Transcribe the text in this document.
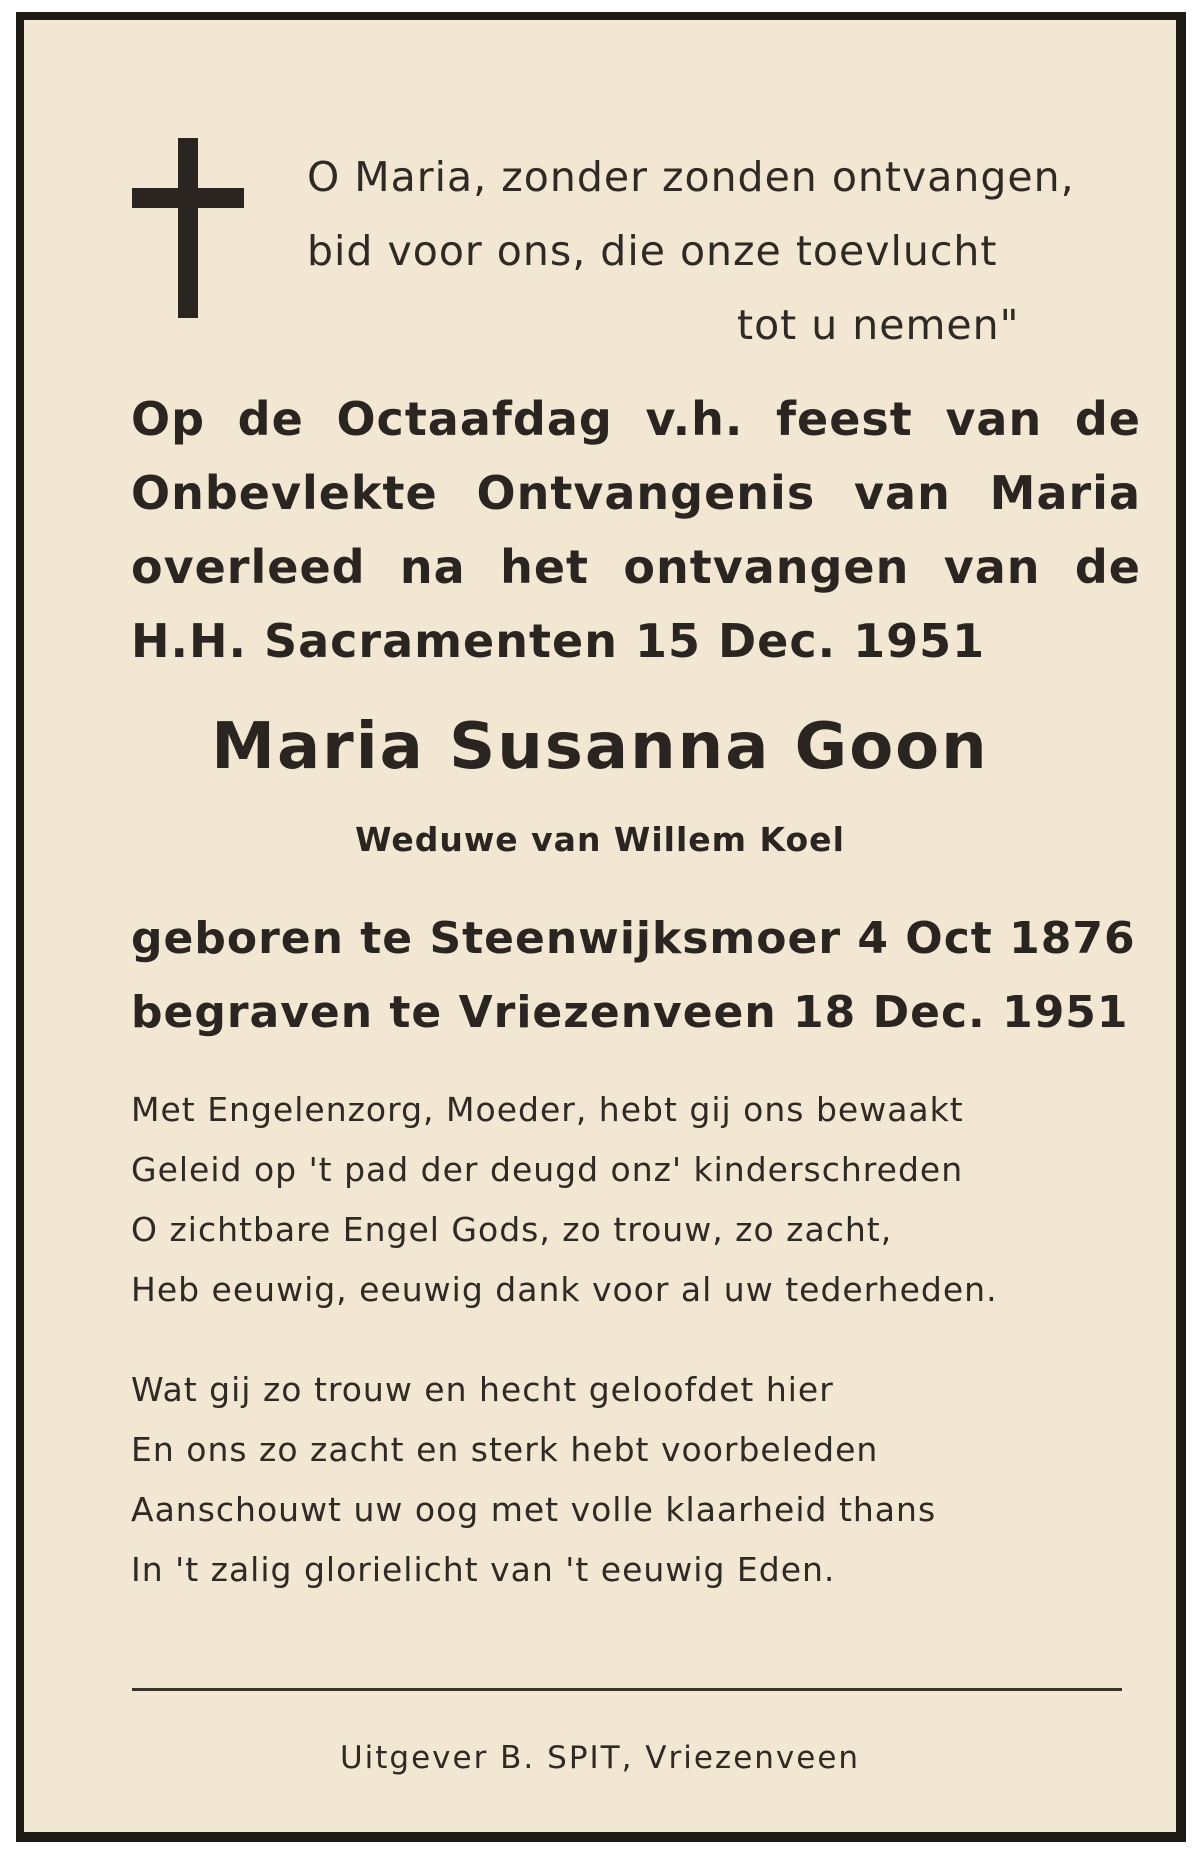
O Maria, zonder zonden ontvangen,
bid voor ons, die onze toevlucht
tot u nemen"
Op de Octaafdag v.h. feest van de
Onbevlekte Ontvangenis van Maria
overleed na het ontvangen van de
H.H. Sacramenten 15 Dec. 1951
Maria Susanna Goon
Weduwe van Willem Koel
geboren te Steenwijksmoer 4 Oct 1876
begraven te Vriezenveen 18 Dec. 1951
Met Engelenzorg, Moeder, hebt gij ons bewaakt
Geleid op 't pad der deugd onz' kinderschreden
O zichtbare Engel Gods, zo trouw, zo zacht,
Heb eeuwig, eeuwig dank voor al uw tederheden.
Wat gij zo trouw en hecht geloofdet hier
En ons zo zacht en sterk hebt voorbeleden
Aanschouwt uw oog met volle klaarheid thans
In 't zalig glorielicht van 't eeuwig Eden.
Uitgever B. SPIT, Vriezenveen
